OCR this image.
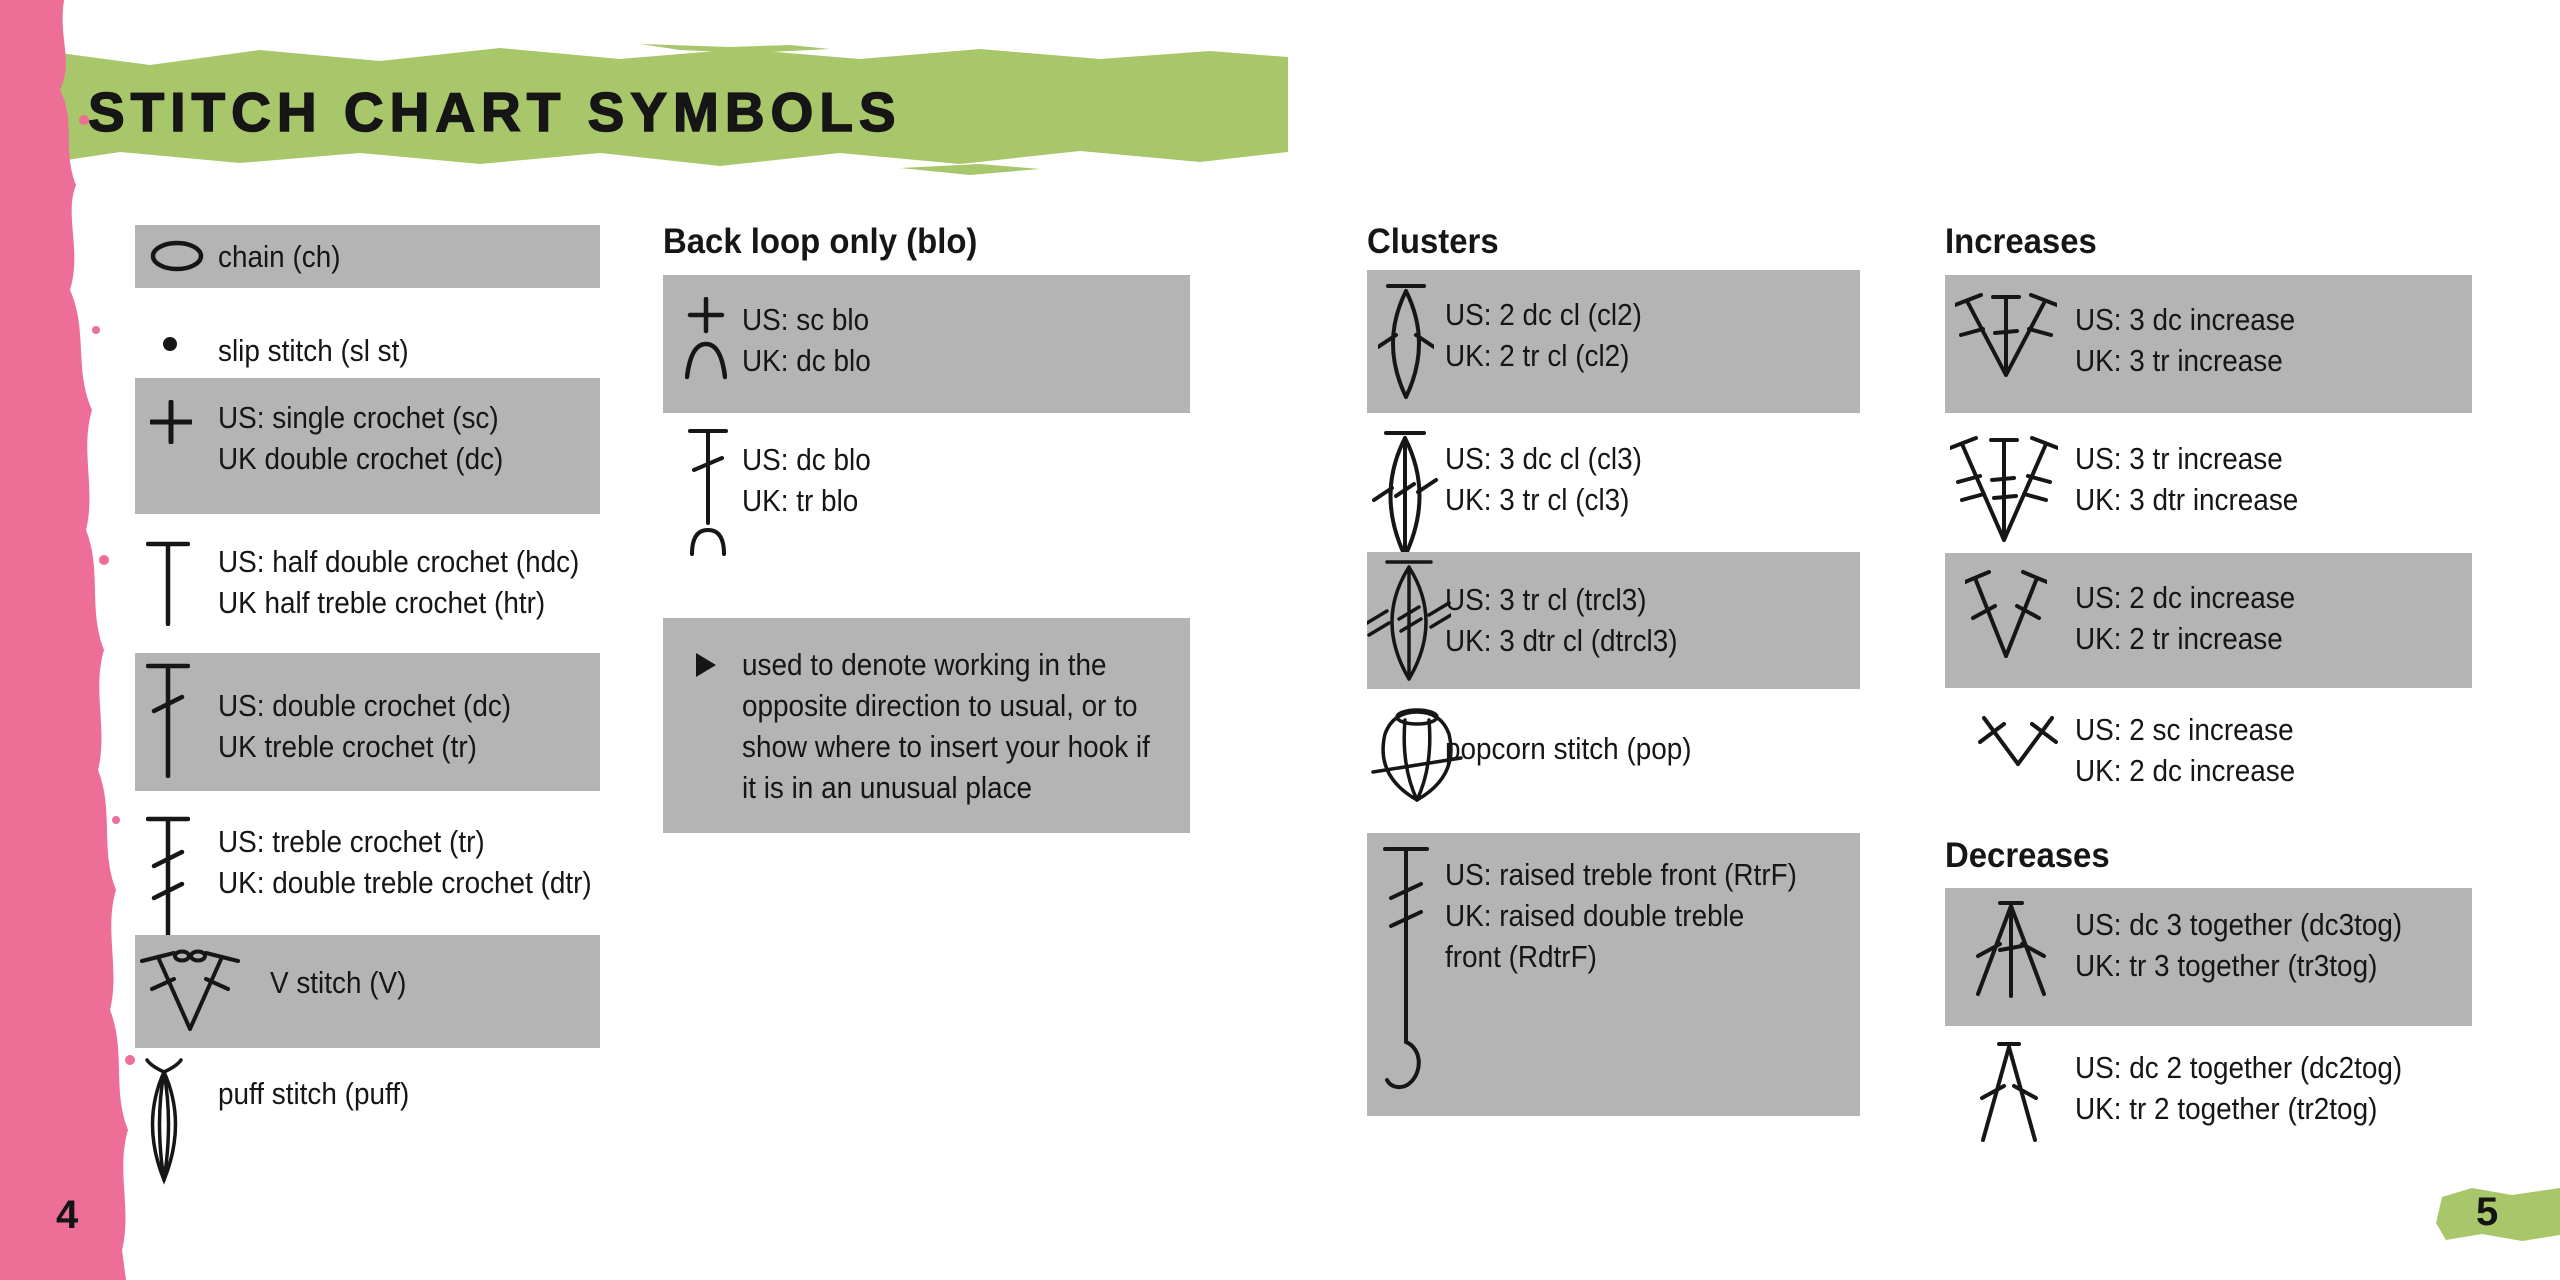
STITCH CHART SYMBOLS
chain (ch)
slip stitch (sl st)
US: single crochet (sc)
UK double crochet (dc)
US: half double crochet (hdc)
UK half treble crochet (htr)
US: double crochet (dc)
UK treble crochet (tr)
US: treble crochet (tr)
UK: double treble crochet (dtr)
V stitch (V)
puff stitch (puff)
Back loop only (blo)
US: sc blo
UK: dc blo
US: dc blo
UK: tr blo
used to denote working in the
opposite direction to usual, or to
show where to insert your hook if
it is in an unusual place
Clusters
US: 2 dc cl (cl2)
UK: 2 tr cl (cl2)
US: 3 dc cl (cl3)
UK: 3 tr cl (cl3)
US: 3 tr cl (trcl3)
UK: 3 dtr cl (dtrcl3)
popcorn stitch (pop)
US: raised treble front (RtrF)
UK: raised double treble
front (RdtrF)
Increases
US: 3 dc increase
UK: 3 tr increase
US: 3 tr increase
UK: 3 dtr increase
US: 2 dc increase
UK: 2 tr increase
US: 2 sc increase
UK: 2 dc increase
Decreases
US: dc 3 together (dc3tog)
UK: tr 3 together (tr3tog)
US: dc 2 together (dc2tog)
UK: tr 2 together (tr2tog)
4	5
